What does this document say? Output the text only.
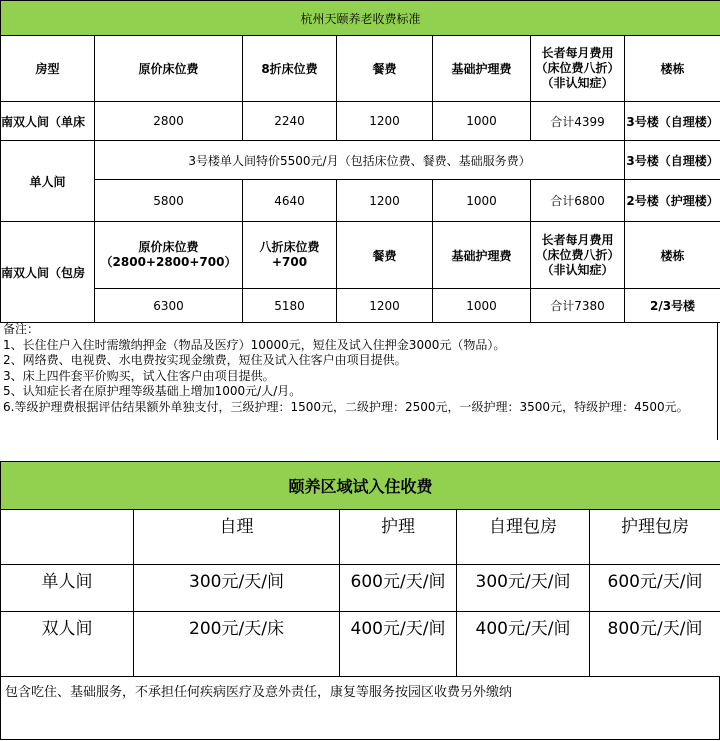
杭州天颐养老收费标准						
房型	原价床位费	8折床位费	餐费	基础护理费	长者每月费用（床位费八折）（非认知症）	楼栋
南双人间（单床	2800	2240	1200	1000	合计4399	3号楼（自理楼）
单人间	3号楼单人间特价5500元/月（包括床位费、餐费、基础服务费）					3号楼（自理楼）
	5800	4640	1200	1000	合计6800	2号楼（护理楼）
南双人间（包房	原价床位费（2800+2800+700）	八折床位费+700	餐费	基础护理费	长者每月费用（床位费八折）（非认知症）	楼栋
	6300	5180	1200	1000	合计7380	2/3号楼
备注：
1、长住住户入住时需缴纳押金（物品及医疗）10000元，短住及试入住押金3000元（物品）。
2、网络费、电视费、水电费按实现金缴费，短住及试入住客户由项目提供。
3、床上四件套平价购买，试入住客户由项目提供。
5、认知症长者在原护理等级基础上增加1000元/人/月。
6.等级护理费根据评估结果额外单独支付，三级护理：1500元，二级护理：2500元，一级护理：3500元，特级护理：4500元。
颐养区域试入住收费				
	自理	护理	自理包房	护理包房
单人间	300元/天/间	600元/天/间	300元/天/间	600元/天/间
双人间	200元/天/床	400元/天/间	400元/天/间	800元/天/间
包含吃住、基础服务，不承担任何疾病医疗及意外责任，康复等服务按园区收费另外缴纳
